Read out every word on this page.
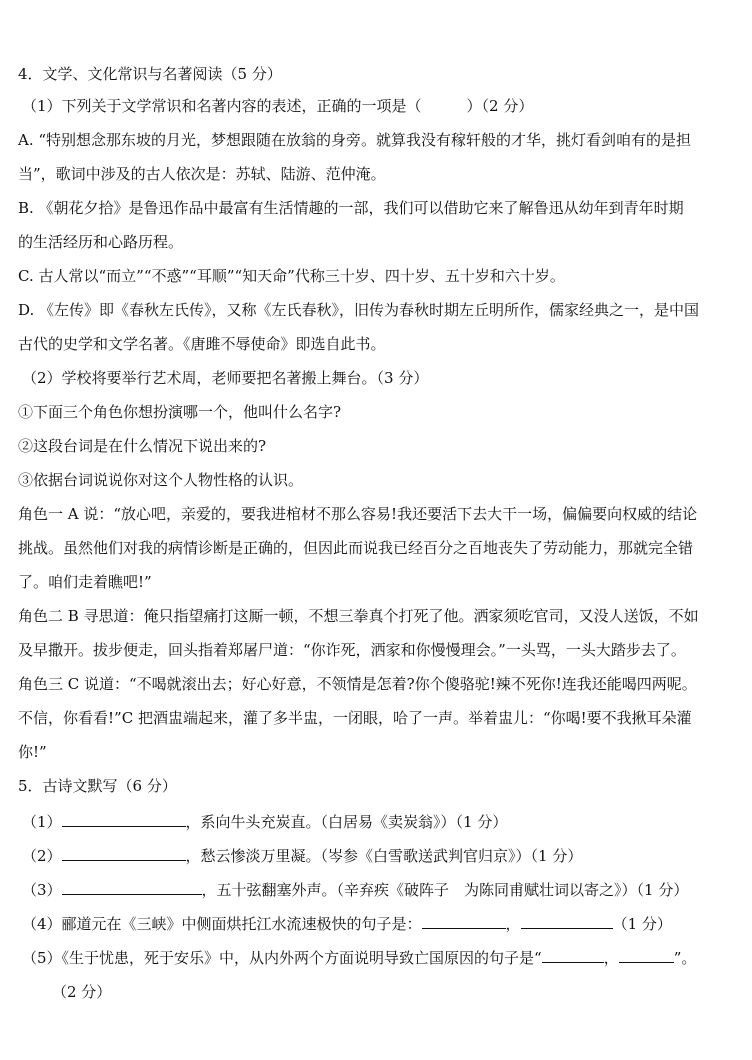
4．文学、文化常识与名著阅读（5 分）
（1）下列关于文学常识和名著内容的表述，正确的一项是（　　　）（2 分）
A. “特别想念那东坡的月光，梦想跟随在放翁的身旁。就算我没有稼轩般的才华，挑灯看剑咱有的是担
当”，歌词中涉及的古人依次是：苏轼、陆游、范仲淹。
B. 《朝花夕拾》是鲁迅作品中最富有生活情趣的一部，我们可以借助它来了解鲁迅从幼年到青年时期
的生活经历和心路历程。
C. 古人常以“而立”“不惑”“耳顺”“知天命”代称三十岁、四十岁、五十岁和六十岁。
D. 《左传》即《春秋左氏传》，又称《左氏春秋》，旧传为春秋时期左丘明所作，儒家经典之一，是中国
古代的史学和文学名著。《唐雎不辱使命》即选自此书。
（2）学校将要举行艺术周，老师要把名著搬上舞台。（3 分）
①下面三个角色你想扮演哪一个，他叫什么名字?
②这段台词是在什么情况下说出来的?
③依据台词说说你对这个人物性格的认识。
角色一 A 说：“放心吧，亲爱的，要我进棺材不那么容易!我还要活下去大干一场，偏偏要向权威的结论
挑战。虽然他们对我的病情诊断是正确的，但因此而说我已经百分之百地丧失了劳动能力，那就完全错
了。咱们走着瞧吧!”
角色二 B 寻思道：俺只指望痛打这厮一顿，不想三拳真个打死了他。洒家须吃官司，又没人送饭，不如
及早撒开。拔步便走，回头指着郑屠尸道：“你诈死，洒家和你慢慢理会。”一头骂，一头大踏步去了。
角色三 C 说道：“不喝就滚出去；好心好意，不领情是怎着?你个傻骆驼!辣不死你!连我还能喝四两呢。
不信，你看看!”C 把酒盅端起来，灌了多半盅，一闭眼，哈了一声。举着盅儿：“你喝!要不我揪耳朵灌
你!”
5．古诗文默写（6 分）
（1）	，系向牛头充炭直。（白居易《卖炭翁》）（1 分）
（2）	，愁云惨淡万里凝。（岑参《白雪歌送武判官归京》）（1 分）
（3）	，五十弦翻塞外声。（辛弃疾《破阵子　为陈同甫赋壮词以寄之》）（1 分）
（4）郦道元在《三峡》中侧面烘托江水流速极快的句子是：	，	（1 分）
（5）《生于忧患，死于安乐》中，从内外两个方面说明导致亡国原因的句子是“	，	”。
（2 分）
